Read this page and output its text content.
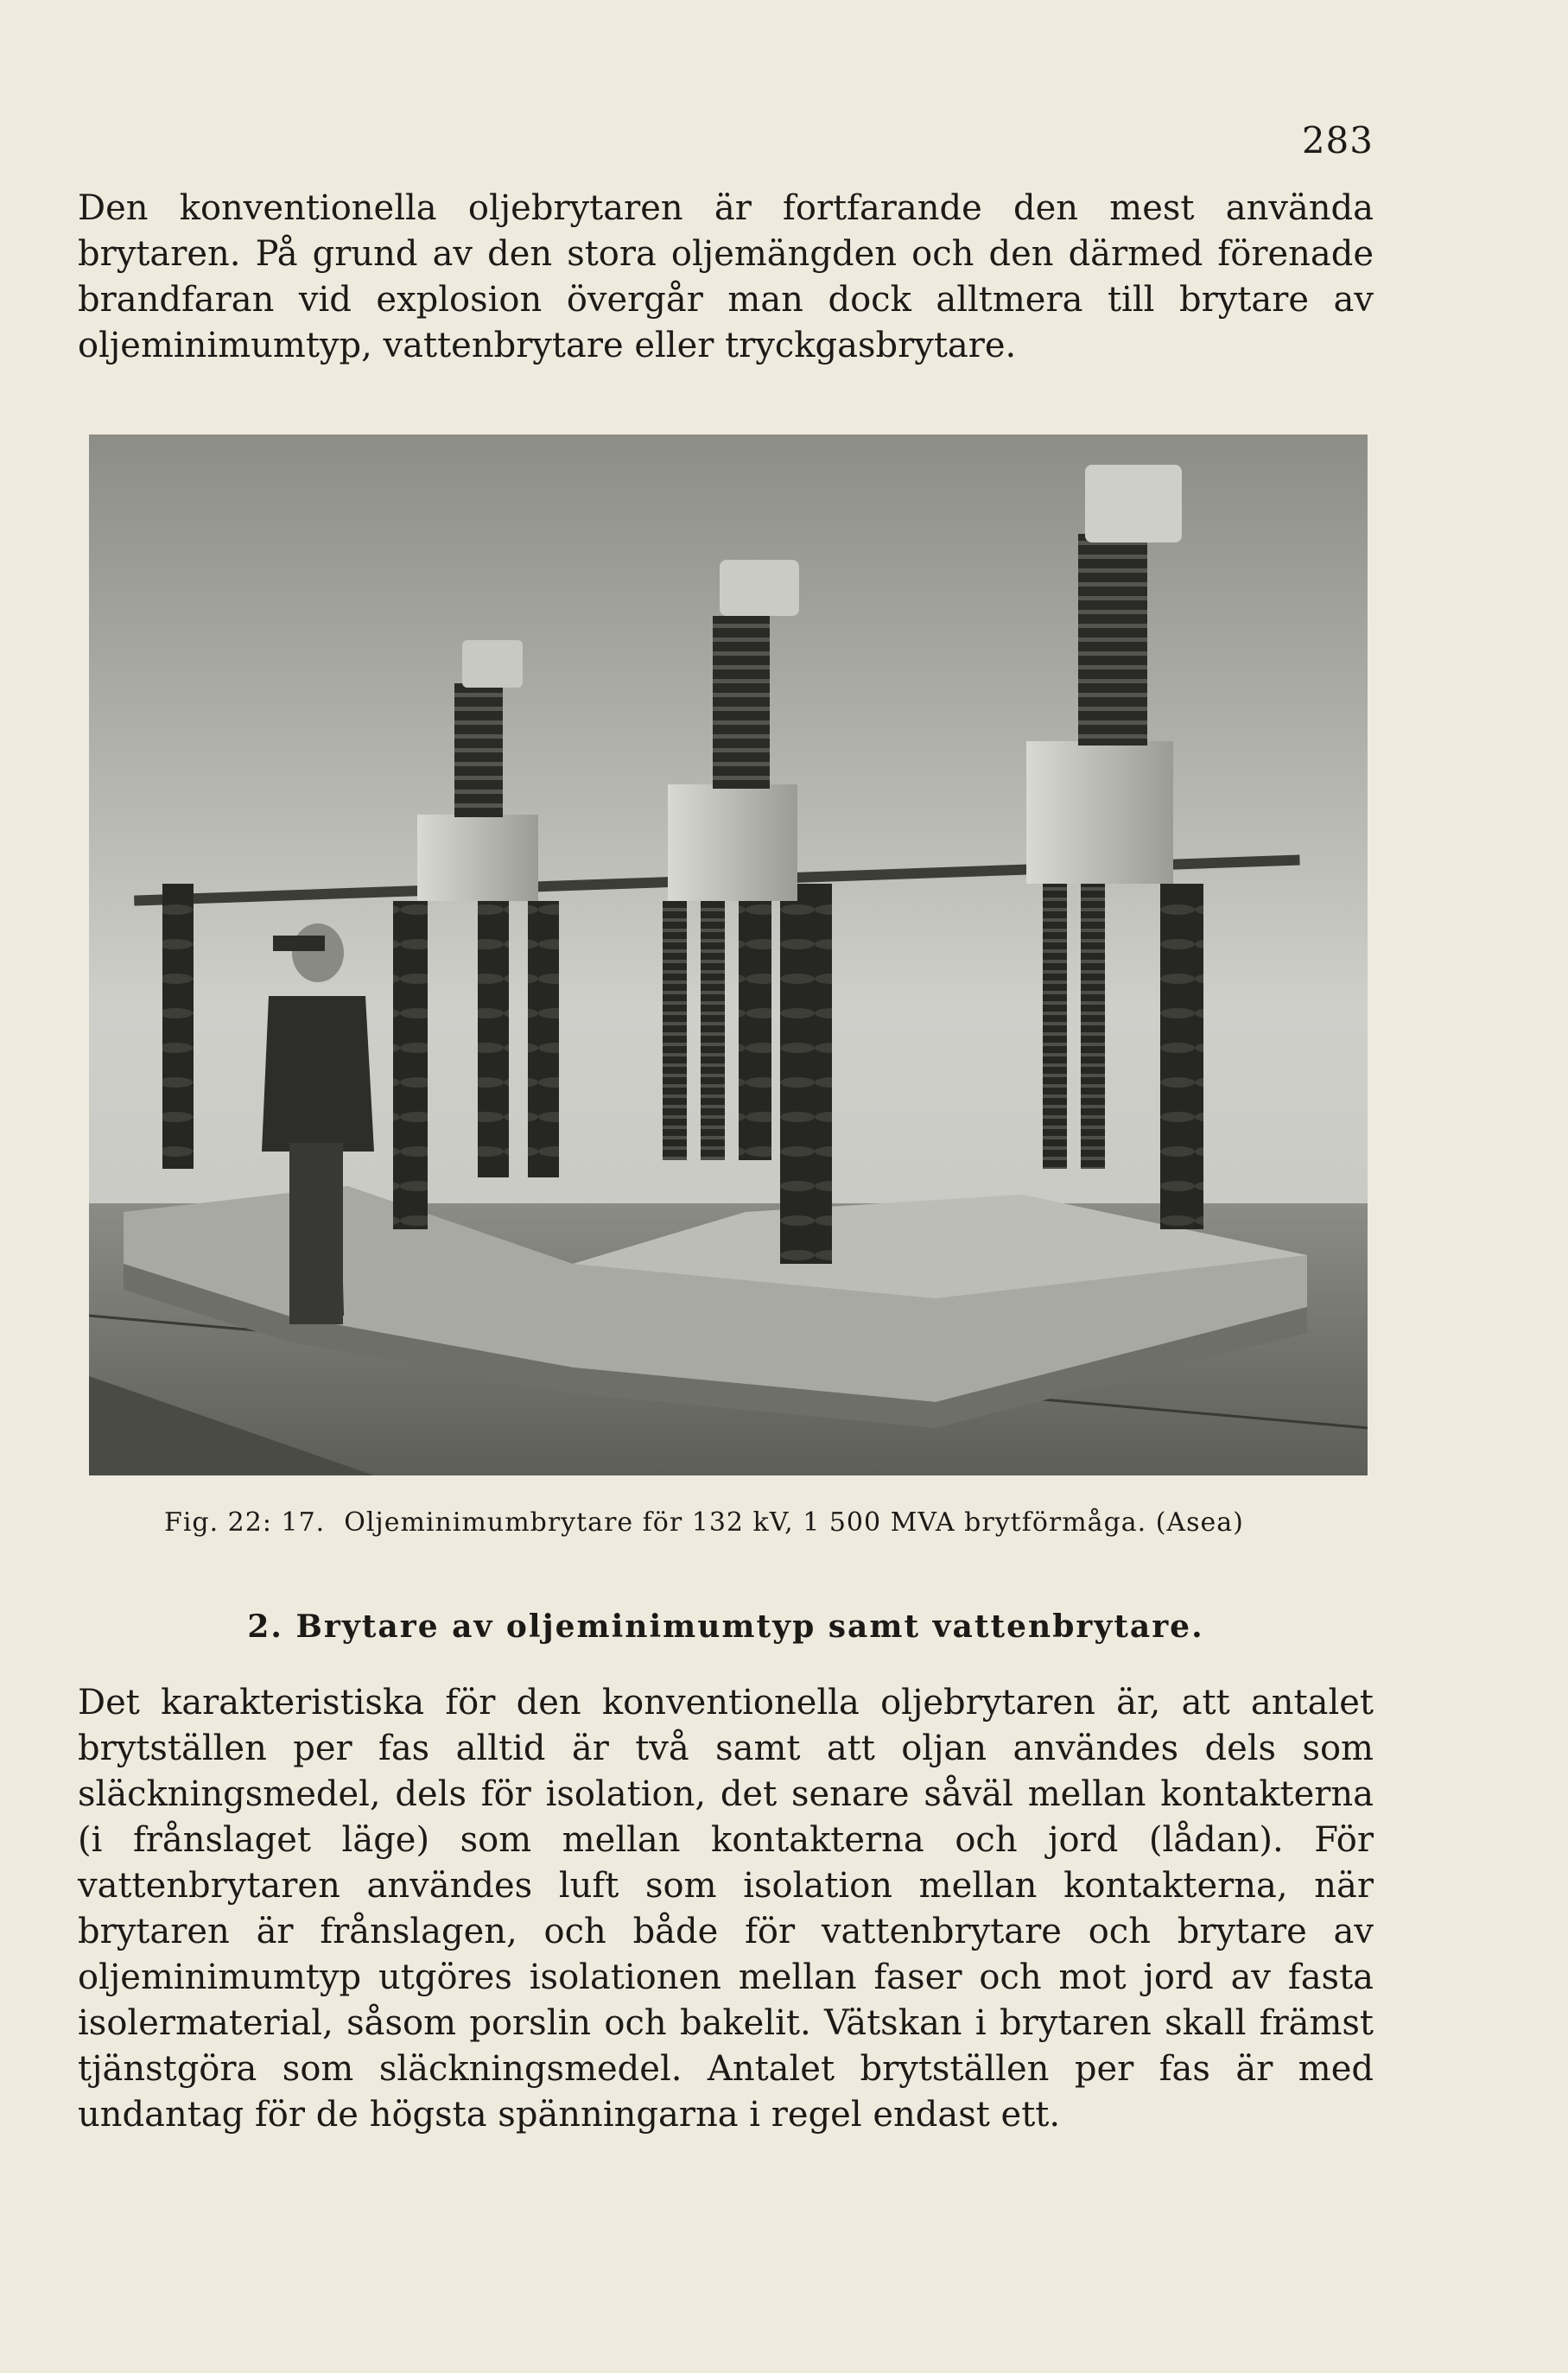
283

Den konventionella oljebrytaren är fortfarande den mest använda brytaren. På grund av den stora oljemängden och den därmed förenade brandfaran vid explosion övergår man dock alltmera till brytare av oljeminimumtyp, vattenbrytare eller tryckgasbrytare.

Fig. 22: 17. Oljeminimumbrytare för 132 kV, 1 500 MVA brytförmåga. (Asea)
2. Brytare av oljeminimumtyp samt vattenbrytare.

Det karakteristiska för den konventionella oljebrytaren är, att antalet brytställen per fas alltid är två samt att oljan användes dels som släckningsmedel, dels för isolation, det senare såväl mellan kontakterna (i frånslaget läge) som mellan kontakterna och jord (lådan). För vattenbrytaren användes luft som isolation mellan kontakterna, när brytaren är frånslagen, och både för vattenbrytare och brytare av oljeminimumtyp utgöres isolationen mellan faser och mot jord av fasta isolermaterial, såsom porslin och bakelit. Vätskan i brytaren skall främst tjänstgöra som släckningsmedel. Antalet brytställen per fas är med undantag för de högsta spänningarna i regel endast ett.
